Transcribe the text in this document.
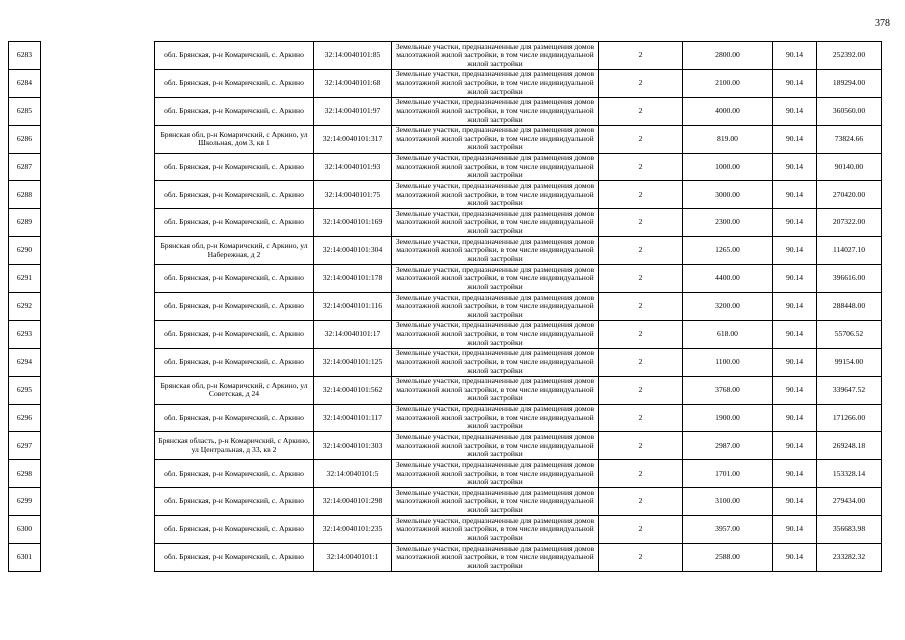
378
6283		обл. Брянская, р-н Комаричский, с. Аркино	32:14:0040101:85	Земельные участки, предназначенные для размещения домов малоэтажной жилой застройки, в том числе индивидуальной жилой застройки	2	2800.00	90.14	252392.00
6284		обл. Брянская, р-н Комаричский, с. Аркино	32:14:0040101:68	Земельные участки, предназначенные для размещения домов малоэтажной жилой застройки, в том числе индивидуальной жилой застройки	2	2100.00	90.14	189294.00
6285		обл. Брянская, р-н Комаричский, с. Аркино	32:14:0040101:97	Земельные участки, предназначенные для размещения домов малоэтажной жилой застройки, в том числе индивидуальной жилой застройки	2	4000.00	90.14	360560.00
6286		Брянская обл, р-н Комаричский, с Аркино, ул Школьная, дом 3, кв 1	32:14:0040101:317	Земельные участки, предназначенные для размещения домов малоэтажной жилой застройки, в том числе индивидуальной жилой застройки	2	819.00	90.14	73824.66
6287		обл. Брянская, р-н Комаричский, с. Аркино	32:14:0040101:93	Земельные участки, предназначенные для размещения домов малоэтажной жилой застройки, в том числе индивидуальной жилой застройки	2	1000.00	90.14	90140.00
6288		обл. Брянская, р-н Комаричский, с. Аркино	32:14:0040101:75	Земельные участки, предназначенные для размещения домов малоэтажной жилой застройки, в том числе индивидуальной жилой застройки	2	3000.00	90.14	270420.00
6289		обл. Брянская, р-н Комаричский, с. Аркино	32:14:0040101:169	Земельные участки, предназначенные для размещения домов малоэтажной жилой застройки, в том числе индивидуальной жилой застройки	2	2300.00	90.14	207322.00
6290		Брянская обл, р-н Комаричский, с Аркино, ул Набережная, д 2	32:14:0040101:304	Земельные участки, предназначенные для размещения домов малоэтажной жилой застройки, в том числе индивидуальной жилой застройки	2	1265.00	90.14	114027.10
6291		обл. Брянская, р-н Комаричский, с. Аркино	32:14:0040101:178	Земельные участки, предназначенные для размещения домов малоэтажной жилой застройки, в том числе индивидуальной жилой застройки	2	4400.00	90.14	396616.00
6292		обл. Брянская, р-н Комаричский, с. Аркино	32:14:0040101:116	Земельные участки, предназначенные для размещения домов малоэтажной жилой застройки, в том числе индивидуальной жилой застройки	2	3200.00	90.14	288448.00
6293		обл. Брянская, р-н Комаричский, с. Аркино	32:14:0040101:17	Земельные участки, предназначенные для размещения домов малоэтажной жилой застройки, в том числе индивидуальной жилой застройки	2	618.00	90.14	55706.52
6294		обл. Брянская, р-н Комаричский, с. Аркино	32:14:0040101:125	Земельные участки, предназначенные для размещения домов малоэтажной жилой застройки, в том числе индивидуальной жилой застройки	2	1100.00	90.14	99154.00
6295		Брянская обл, р-н Комаричский, с Аркино, ул Советская, д 24	32:14:0040101:562	Земельные участки, предназначенные для размещения домов малоэтажной жилой застройки, в том числе индивидуальной жилой застройки	2	3768.00	90.14	339647.52
6296		обл. Брянская, р-н Комаричский, с. Аркино	32:14:0040101:117	Земельные участки, предназначенные для размещения домов малоэтажной жилой застройки, в том числе индивидуальной жилой застройки	2	1900.00	90.14	171266.00
6297		Брянская область, р-н Комаричский, с Аркино, ул Центральная, д 33, кв 2	32:14:0040101:303	Земельные участки, предназначенные для размещения домов малоэтажной жилой застройки, в том числе индивидуальной жилой застройки	2	2987.00	90.14	269248.18
6298		обл. Брянская, р-н Комаричский, с. Аркино	32:14:0040101:5	Земельные участки, предназначенные для размещения домов малоэтажной жилой застройки, в том числе индивидуальной жилой застройки	2	1701.00	90.14	153328.14
6299		обл. Брянская, р-н Комаричский, с. Аркино	32:14:0040101:298	Земельные участки, предназначенные для размещения домов малоэтажной жилой застройки, в том числе индивидуальной жилой застройки	2	3100.00	90.14	279434.00
6300		обл. Брянская, р-н Комаричский, с. Аркино	32:14:0040101:235	Земельные участки, предназначенные для размещения домов малоэтажной жилой застройки, в том числе индивидуальной жилой застройки	2	3957.00	90.14	356683.98
6301		обл. Брянская, р-н Комаричский, с. Аркино	32:14:0040101:1	Земельные участки, предназначенные для размещения домов малоэтажной жилой застройки, в том числе индивидуальной жилой застройки	2	2588.00	90.14	233282.32
